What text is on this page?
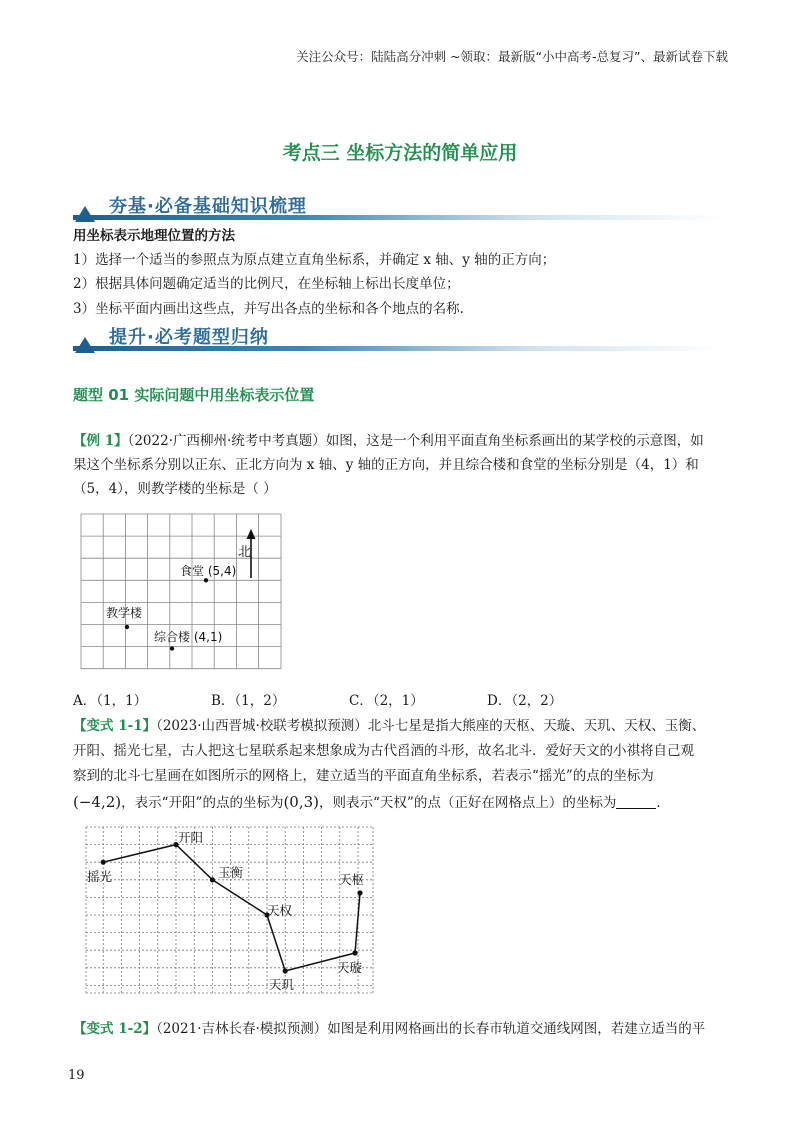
关注公众号：陆陆高分冲刺 ~领取：最新版“小中高考-总复习”、最新试卷下载
考点三 坐标方法的简单应用
夯基·必备基础知识梳理
用坐标表示地理位置的方法
1）选择一个适当的参照点为原点建立直角坐标系，并确定 x 轴、y 轴的正方向；
2）根据具体问题确定适当的比例尺，在坐标轴上标出长度单位；
3）坐标平面内画出这些点，并写出各点的坐标和各个地点的名称.
提升·必考题型归纳
题型 01 实际问题中用坐标表示位置
【例 1】（2022·广西柳州·统考中考真题）如图，这是一个利用平面直角坐标系画出的某学校的示意图，如
果这个坐标系分别以正东、正北方向为 x 轴、y 轴的正方向，并且综合楼和食堂的坐标分别是（4，1）和
（5，4），则教学楼的坐标是（ ）
北
食堂 (5,4)
教学楼
综合楼 (4,1)
A．（1，1）	B．（1，2）	C．（2，1）	D．（2，2）
【变式 1-1】（2023·山西晋城·校联考模拟预测）北斗七星是指大熊座的天枢、天璇、天玑、天权、玉衡、
开阳、摇光七星，古人把这七星联系起来想象成为古代舀酒的斗形，故名北斗．爱好天文的小祺将自己观
察到的北斗七星画在如图所示的网格上，建立适当的平面直角坐标系，若表示“摇光”的点的坐标为
(−4,2)，表示“开阳”的点的坐标为(0,3)，则表示“天权”的点（正好在网格点上）的坐标为	.
摇光
开阳
玉衡
天权
天枢
天璇
天玑
【变式 1-2】（2021·吉林长春·模拟预测）如图是利用网格画出的长春市轨道交通线网图，若建立适当的平
19
